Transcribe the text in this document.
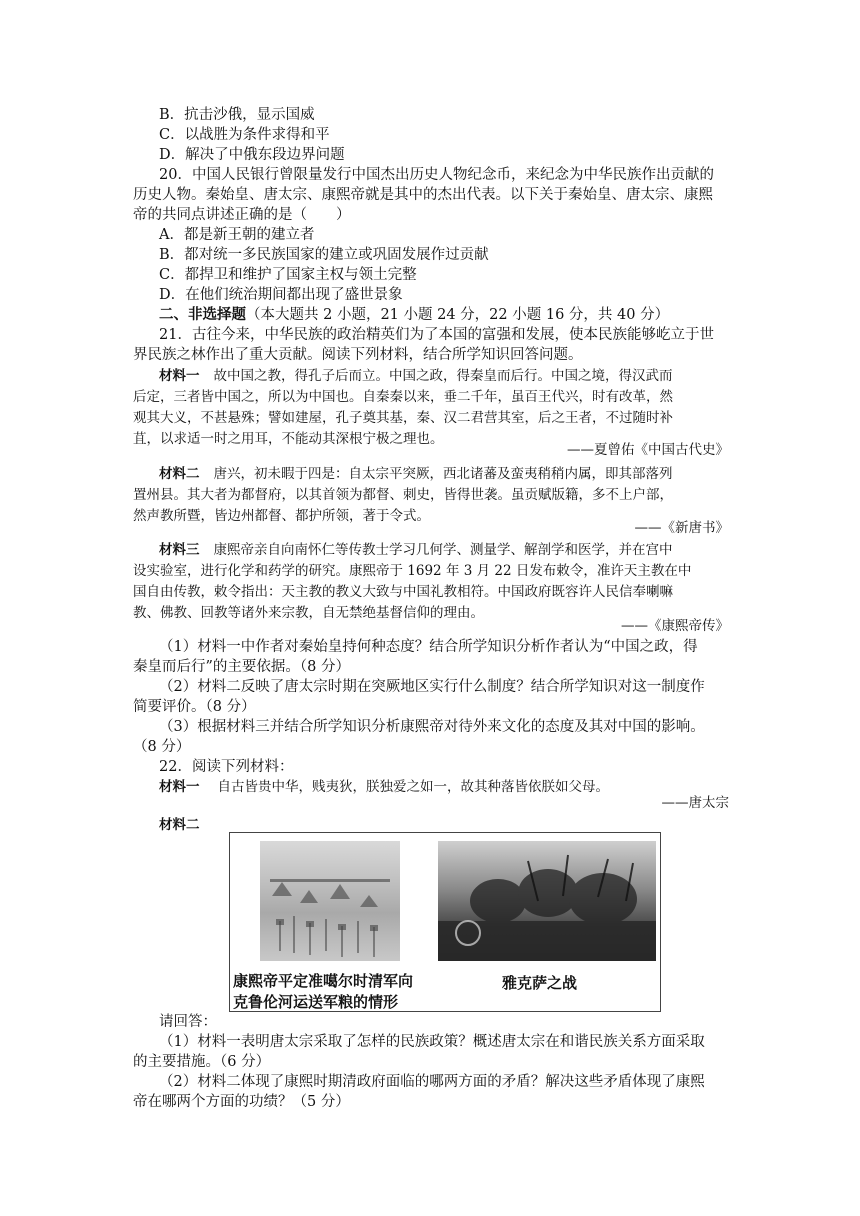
B．抗击沙俄，显示国威
C．以战胜为条件求得和平
D．解决了中俄东段边界问题
20．中国人民银行曾限量发行中国杰出历史人物纪念币，来纪念为中华民族作出贡献的
历史人物。秦始皇、唐太宗、康熙帝就是其中的杰出代表。以下关于秦始皇、唐太宗、康熙
帝的共同点讲述正确的是（　　）
A．都是新王朝的建立者
B．都对统一多民族国家的建立或巩固发展作过贡献
C．都捍卫和维护了国家主权与领土完整
D．在他们统治期间都出现了盛世景象
二、非选择题（本大题共 2 小题，21 小题 24 分，22 小题 16 分，共 40 分）
21．古往今来，中华民族的政治精英们为了本国的富强和发展，使本民族能够屹立于世
界民族之林作出了重大贡献。阅读下列材料，结合所学知识回答问题。
材料一 故中国之教，得孔子后而立。中国之政，得秦皇而后行。中国之境，得汉武而
后定，三者皆中国之，所以为中国也。自秦秦以来，垂二千年，虽百王代兴，时有改革，然
观其大义，不甚悬殊；譬如建屋，孔子奠其基，秦、汉二君营其室，后之王者，不过随时补
苴，以求适一时之用耳，不能动其深根宁极之理也。
——夏曾佑《中国古代史》
材料二 唐兴，初未暇于四是：自太宗平突厥，西北诸蕃及蛮夷稍稍内属，即其部落列
置州县。其大者为都督府，以其首领为都督、刺史，皆得世袭。虽贡赋版籍，多不上户部，
然声教所暨，皆边州都督、都护所领，著于令式。
——《新唐书》
材料三 康熙帝亲自向南怀仁等传教士学习几何学、测量学、解剖学和医学，并在宫中
设实验室，进行化学和药学的研究。康熙帝于 1692 年 3 月 22 日发布敕令，准许天主教在中
国自由传教，敕令指出：天主教的教义大致与中国礼教相符。中国政府既容许人民信奉喇嘛
教、佛教、回教等诸外来宗教，自无禁绝基督信仰的理由。
——《康熙帝传》
（1）材料一中作者对秦始皇持何种态度？结合所学知识分析作者认为“中国之政，得
秦皇而后行”的主要依据。（8 分）
（2）材料二反映了唐太宗时期在突厥地区实行什么制度？结合所学知识对这一制度作
简要评价。（8 分）
（3）根据材料三并结合所学知识分析康熙帝对待外来文化的态度及其对中国的影响。
（8 分）
22．阅读下列材料：
材料一 自古皆贵中华，贱夷狄，朕独爱之如一，故其种落皆依朕如父母。
——唐太宗
材料二
康熙帝平定准噶尔时清军向
克鲁伦河运送军粮的情形
雅克萨之战
请回答：
（1）材料一表明唐太宗采取了怎样的民族政策？概述唐太宗在和谐民族关系方面采取
的主要措施。（6 分）
（2）材料二体现了康熙时期清政府面临的哪两方面的矛盾？解决这些矛盾体现了康熙
帝在哪两个方面的功绩？（5 分）
